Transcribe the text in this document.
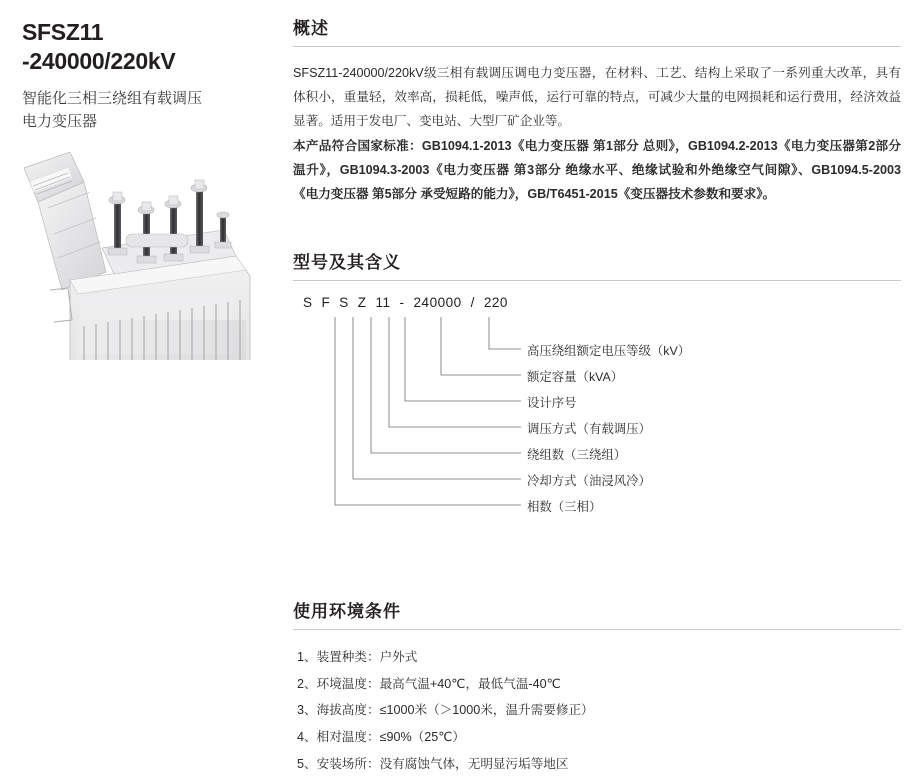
SFSZ11
-240000/220kV
智能化三相三绕组有载调压
电力变压器
概述

SFSZ11-240000/220kV级三相有载调压调电力变压器，在材料、工艺、结构上采取了一系列重大改革，具有体积小，重量轻，效率高，损耗低，噪声低，运行可靠的特点，可减少大量的电网损耗和运行费用，经济效益显著。适用于发电厂、变电站、大型厂矿企业等。

本产品符合国家标准：GB1094.1-2013《电力变压器 第1部分 总则》，GB1094.2-2013《电力变压器第2部分 温升》，GB1094.3-2003《电力变压器 第3部分 绝缘水平、绝缘试验和外绝缘空气间隙》、GB1094.5-2003《电力变压器 第5部分 承受短路的能力》，GB/T6451-2015《变压器技术参数和要求》。

型号及其含义
S F S Z 11 - 240000 / 220
高压绕组额定电压等级（kV）
额定容量（kVA）
设计序号
调压方式（有载调压）
绕组数（三绕组）
冷却方式（油浸风冷）
相数（三相）
使用环境条件
1、装置种类：户外式
2、环境温度：最高气温+40℃，最低气温-40℃
3、海拔高度：≤1000米（＞1000米，温升需要修正）
4、相对温度：≤90%（25℃）
5、安装场所：没有腐蚀气体，无明显污垢等地区
